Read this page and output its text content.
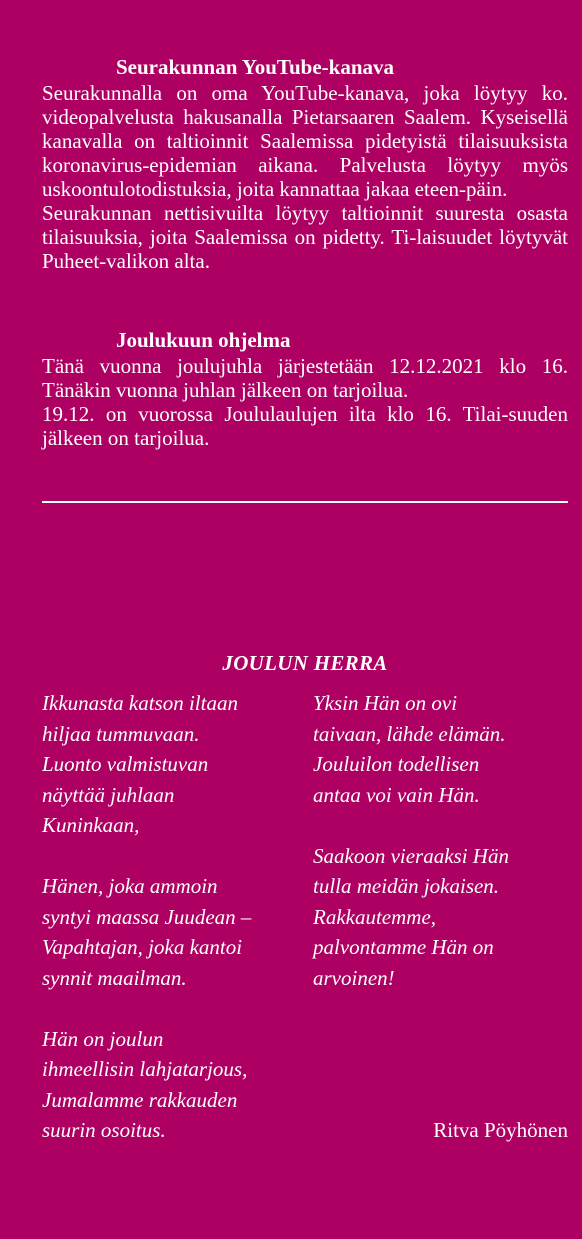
Seurakunnan YouTube-kanava

Seurakunnalla on oma YouTube-kanava, joka löytyy ko. videopalvelusta hakusanalla Pietarsaaren Saalem. Kyseisellä kanavalla on taltioinnit Saalemissa pidetyistä tilaisuuksista koronavirus-epidemian aikana. Palvelusta löytyy myös uskoontulotodistuksia, joita kannattaa jakaa eteen-päin.

Seurakunnan nettisivuilta löytyy taltioinnit suuresta osasta tilaisuuksia, joita Saalemissa on pidetty. Ti-laisuudet löytyvät Puheet-valikon alta.

Joulukuun ohjelma

Tänä vuonna joulujuhla järjestetään 12.12.2021 klo 16. Tänäkin vuonna juhlan jälkeen on tarjoilua.

19.12. on vuorossa Joululaulujen ilta klo 16. Tilai-suuden jälkeen on tarjoilua.

JOULUN HERRA
Ikkunasta katson iltaan
hiljaa tummuvaan.
Luonto valmistuvan
näyttää juhlaan
Kuninkaan,
Hänen, joka ammoin
syntyi maassa Juudean –
Vapahtajan, joka kantoi
synnit maailman.
Hän on joulun
ihmeellisin lahjatarjous,
Jumalamme rakkauden
suurin osoitus.
Yksin Hän on ovi
taivaan, lähde elämän.
Jouluilon todellisen
antaa voi vain Hän.
Saakoon vieraaksi Hän
tulla meidän jokaisen.
Rakkautemme,
palvontamme Hän on
arvoinen!
Ritva Pöyhönen
